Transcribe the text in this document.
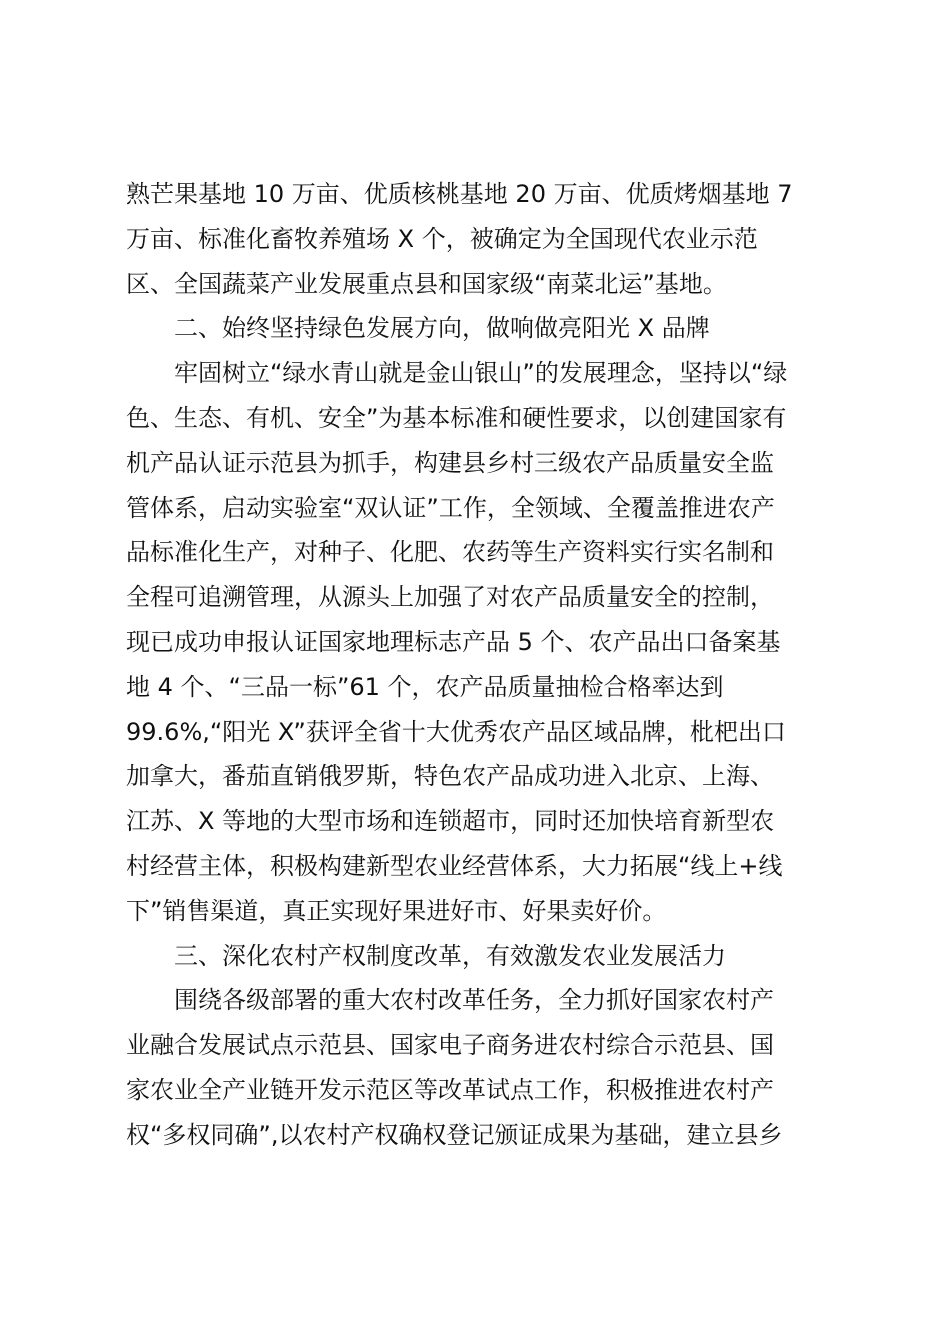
熟芒果基地 10 万亩、优质核桃基地 20 万亩、优质烤烟基地 7

万亩、标准化畜牧养殖场 X 个，被确定为全国现代农业示范

区、全国蔬菜产业发展重点县和国家级“南菜北运”基地。

二、始终坚持绿色发展方向，做响做亮阳光 X 品牌

牢固树立“绿水青山就是金山银山”的发展理念，坚持以“绿

色、生态、有机、安全”为基本标准和硬性要求，以创建国家有

机产品认证示范县为抓手，构建县乡村三级农产品质量安全监

管体系，启动实验室“双认证”工作，全领域、全覆盖推进农产

品标准化生产，对种子、化肥、农药等生产资料实行实名制和

全程可追溯管理，从源头上加强了对农产品质量安全的控制，

现已成功申报认证国家地理标志产品 5 个、农产品出口备案基

地 4 个、“三品一标”61 个，农产品质量抽检合格率达到

99.6%,“阳光 X”获评全省十大优秀农产品区域品牌，枇杷出口

加拿大，番茄直销俄罗斯，特色农产品成功进入北京、上海、

江苏、X 等地的大型市场和连锁超市，同时还加快培育新型农

村经营主体，积极构建新型农业经营体系，大力拓展“线上+线

下”销售渠道，真正实现好果进好市、好果卖好价。

三、深化农村产权制度改革，有效激发农业发展活力

围绕各级部署的重大农村改革任务，全力抓好国家农村产

业融合发展试点示范县、国家电子商务进农村综合示范县、国

家农业全产业链开发示范区等改革试点工作，积极推进农村产

权“多权同确”,以农村产权确权登记颁证成果为基础，建立县乡
